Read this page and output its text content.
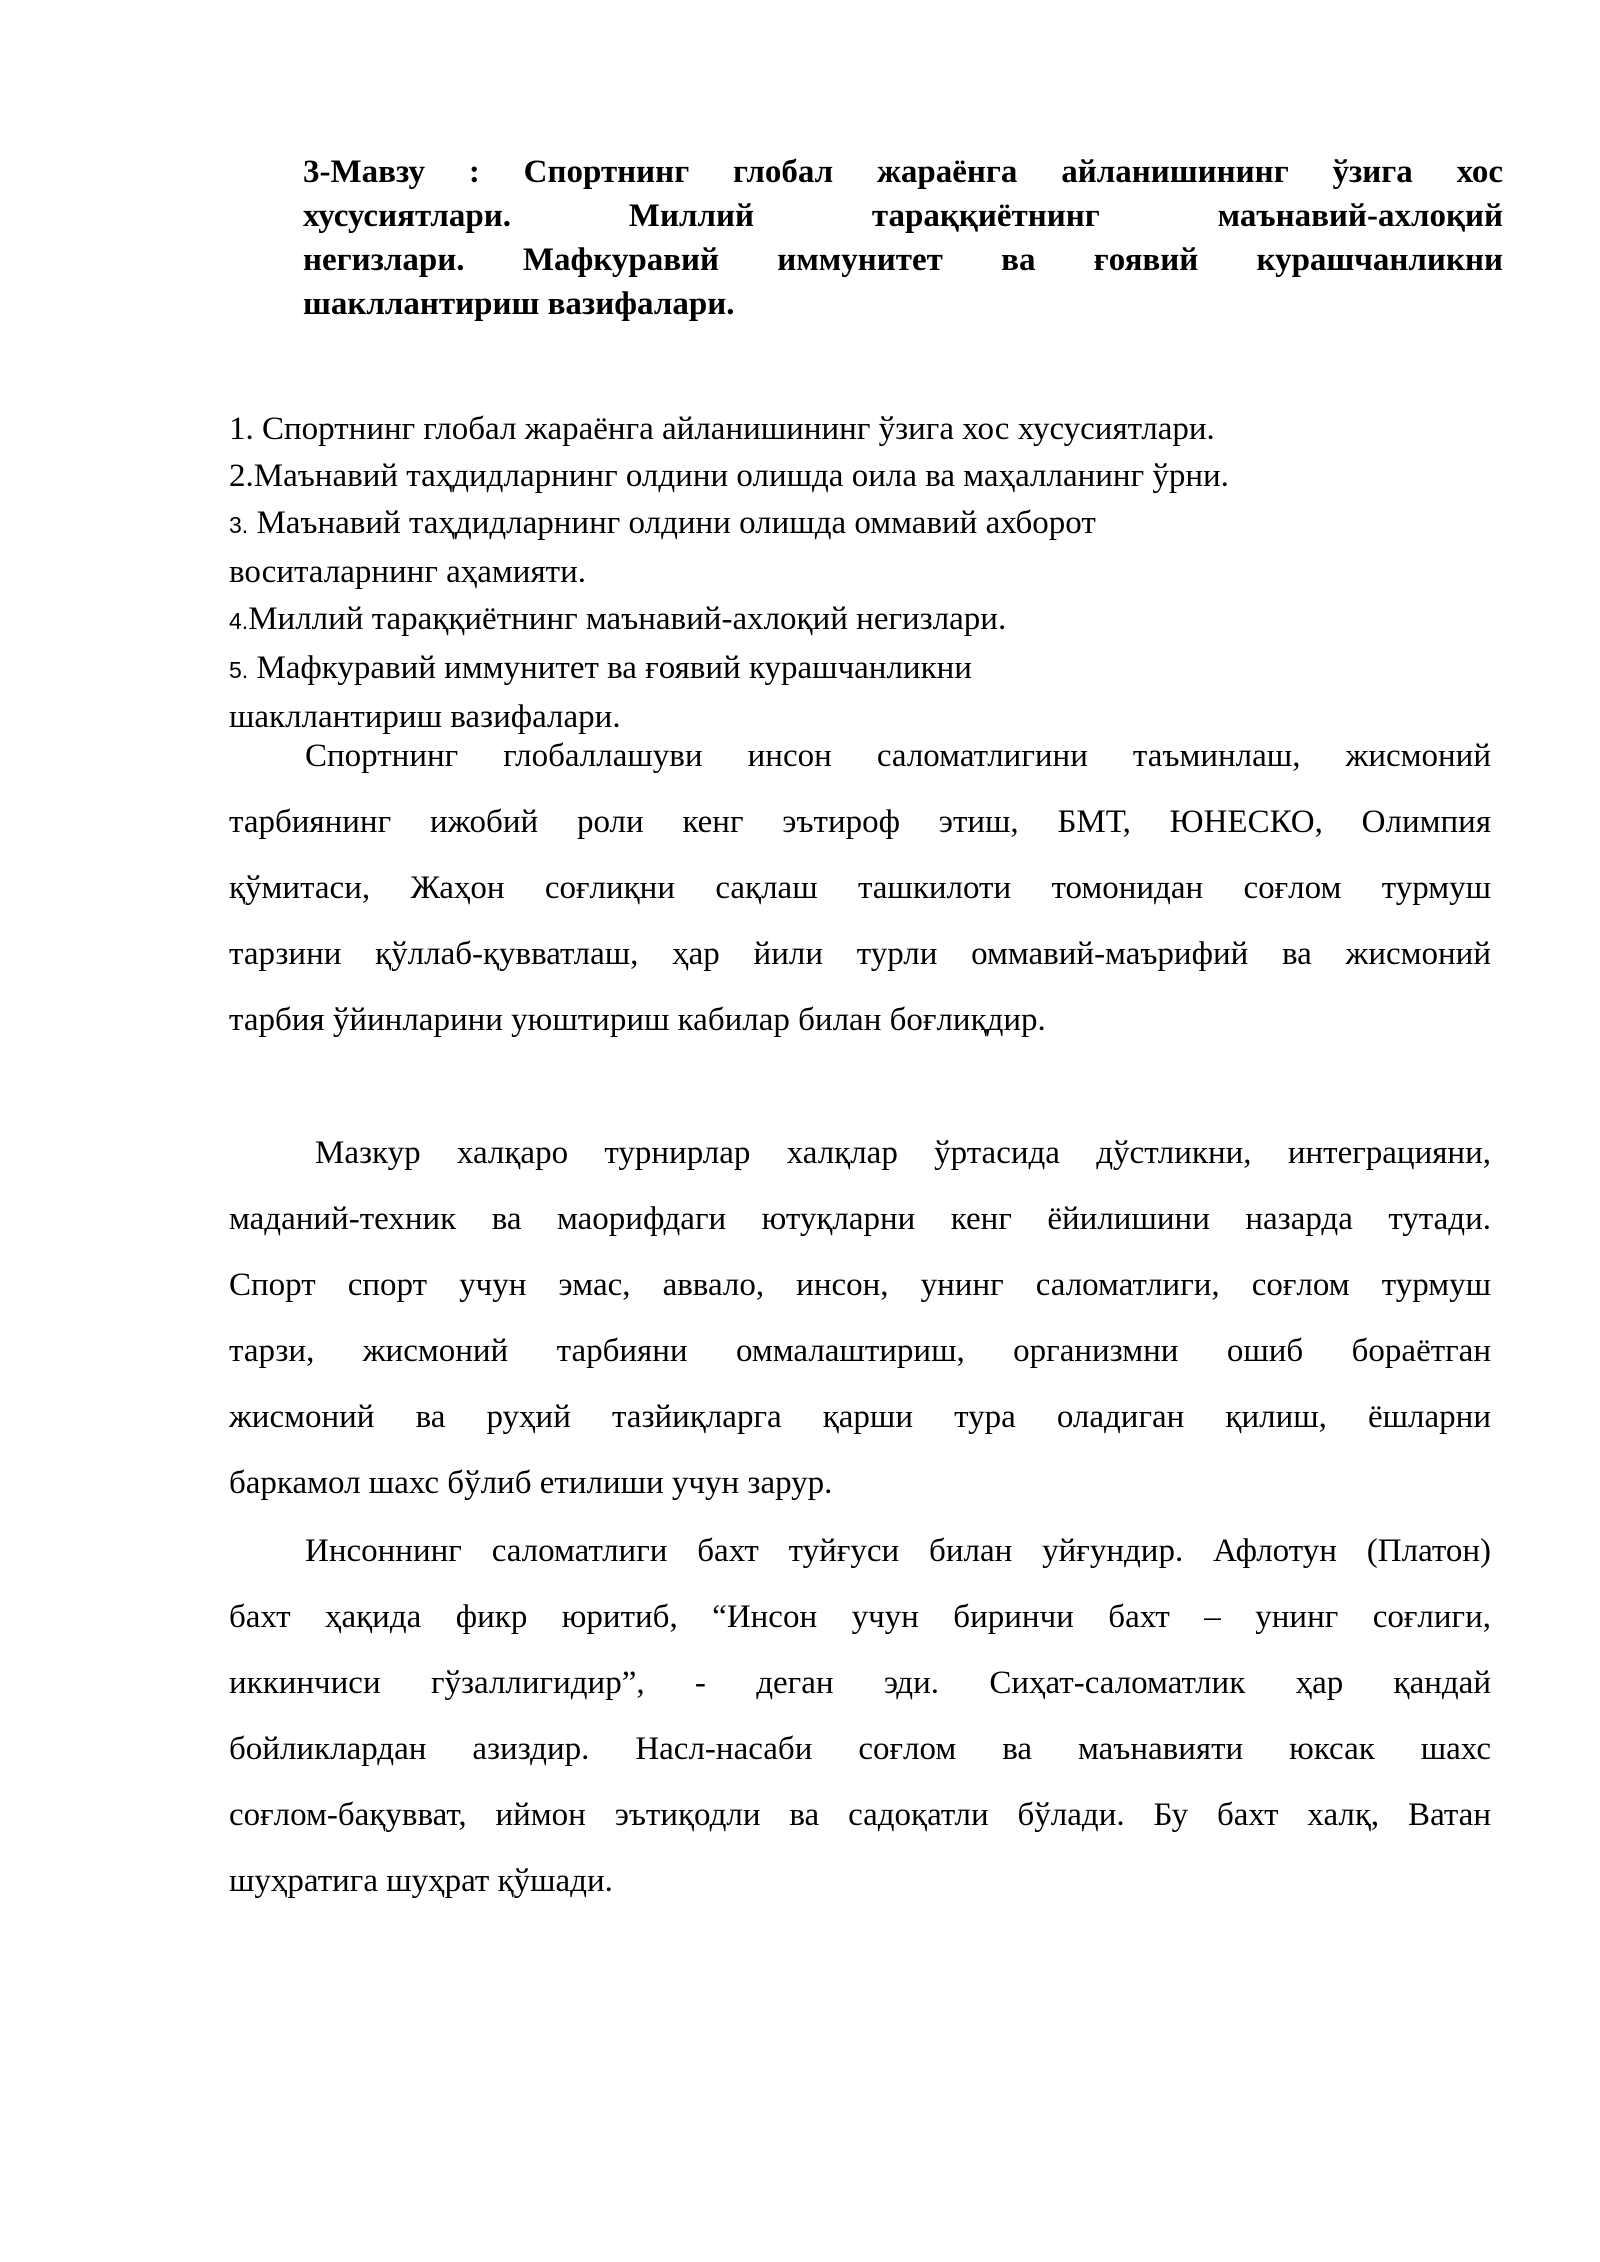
3-Мавзу : Спортнинг глобал жараёнга айланишининг ўзига хос
хусусиятлари. Миллий тараққиётнинг маънавий-ахлоқий
негизлари. Мафкуравий иммунитет ва ғоявий курашчанликни
шакллантириш вазифалари.
1. Спортнинг глобал жараёнга айланишининг ўзига хос хусусиятлари.
2.Маънавий таҳдидларнинг олдини олишда оила ва маҳалланинг ўрни.
3. Маънавий таҳдидларнинг олдини олишда оммавий ахборот
воситаларнинг аҳамияти.
4.Миллий тараққиётнинг маънавий-ахлоқий негизлари.
5. Мафкуравий иммунитет ва ғоявий курашчанликни
шакллантириш вазифалари.
Спортнинг глобаллашуви инсон саломатлигини таъминлаш, жисмоний
тарбиянинг ижобий роли кенг эътироф этиш, БМТ, ЮНЕСКО, Олимпия
қўмитаси, Жаҳон соғлиқни сақлаш ташкилоти томонидан соғлом турмуш
тарзини қўллаб-қувватлаш, ҳар йили турли оммавий-маърифий ва жисмоний
тарбия ўйинларини уюштириш кабилар билан боғлиқдир.
Мазкур халқаро турнирлар халқлар ўртасида дўстликни, интеграцияни,
маданий-техник ва маорифдаги ютуқларни кенг ёйилишини назарда тутади.
Спорт спорт учун эмас, аввало, инсон, унинг саломатлиги, соғлом турмуш
тарзи, жисмоний тарбияни оммалаштириш, организмни ошиб бораётган
жисмоний ва руҳий тазйиқларга қарши тура оладиган қилиш, ёшларни
баркамол шахс бўлиб етилиши учун зарур.
Инсоннинг саломатлиги бахт туйғуси билан уйғундир. Афлотун (Платон)
бахт ҳақида фикр юритиб, “Инсон учун биринчи бахт – унинг соғлиги,
иккинчиси гўзаллигидир”, - деган эди. Сиҳат-саломатлик ҳар қандай
бойликлардан азиздир. Насл-насаби соғлом ва маънавияти юксак шахс
соғлом-бақувват, иймон эътиқодли ва садоқатли бўлади. Бу бахт халқ, Ватан
шуҳратига шуҳрат қўшади.
